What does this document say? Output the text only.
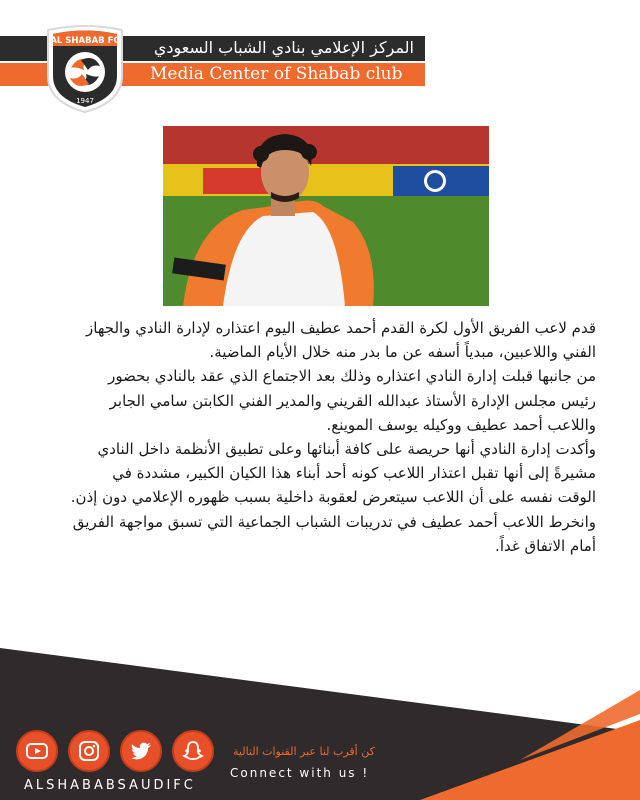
المركز الإعلامي بنادي الشباب السعودي
Media Center of Shabab club
AL SHABAB FC
1947

قدم لاعب الفريق الأول لكرة القدم أحمد عطيف اليوم اعتذاره لإدارة النادي والجهاز الفني واللاعبين، مبدياً أسفه عن ما بدر منه خلال الأيام الماضية.

من جانبها قبلت إدارة النادي اعتذاره وذلك بعد الاجتماع الذي عقد بالنادي بحضور رئيس مجلس الإدارة الأستاذ عبدالله القريني والمدير الفني الكابتن سامي الجابر واللاعب أحمد عطيف ووكيله يوسف الموينع.

وأكدت إدارة النادي أنها حريصة على كافة أبنائها وعلى تطبيق الأنظمة داخل النادي مشيرةً إلى أنها تقبل اعتذار اللاعب كونه أحد أبناء هذا الكيان الكبير، مشددة في الوقت نفسه على أن اللاعب سيتعرض لعقوبة داخلية بسبب ظهوره الإعلامي دون إذن.

وانخرط اللاعب أحمد عطيف في تدريبات الشباب الجماعية التي تسبق مواجهة الفريق أمام الاتفاق غداً.

ALSHABABSAUDIFC
كن أقرب لنا عبر القنوات التالية
Connect with us !
